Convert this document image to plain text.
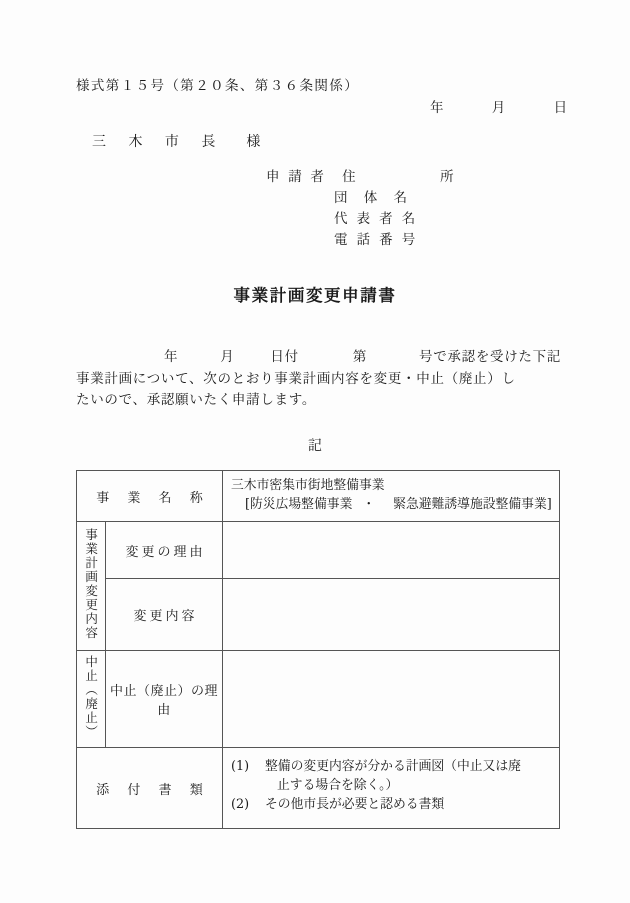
様式第１５号（第２０条、第３６条関係）
年	月	日
三 木 市 長 様
申 請 者 住　　　所
団 体 名
代 表 者 名
電 話 番 号
事業計画変更申請書
年	月	日付	第	号で承認を受けた下記
事業計画について、次のとおり事業計画内容を変更・中止（廃止）し
たいので、承認願いたく申請します。
記
事 業 名 称		三木市密集市街地整備事業
[防災広場整備事業 ・ 緊急避難誘導施設整備事業]

事業計画変更内容	変更の理由	
	変更内容	
中止（廃止）	中止（廃止）の理由	
添 付 書 類		(1) 整備の変更内容が分かる計画図（中止又は廃
止する場合を除く。）
(2) その他市長が必要と認める書類
